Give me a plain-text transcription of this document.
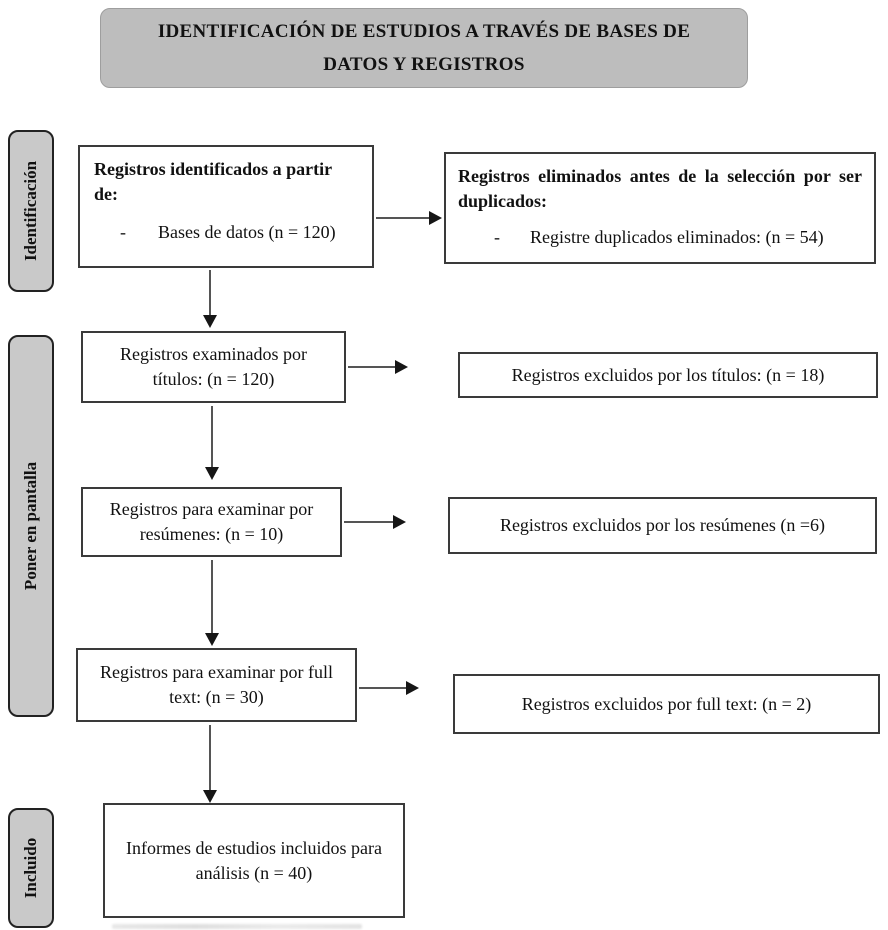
IDENTIFICACIÓN DE ESTUDIOS A TRAVÉS DE BASES DE
DATOS Y REGISTROS
Identificación
Poner en pantalla
Incluido
Registros identificados a partir de:
- Bases de datos (n = 120)
Registros eliminados antes de la selección por ser duplicados:
- Registre duplicados eliminados: (n = 54)
Registros examinados por títulos: (n = 120)	Registros excluidos por los títulos: (n = 18)
Registros para examinar por resúmenes: (n = 10)	Registros excluidos por los resúmenes (n =6)
Registros para examinar por full text: (n = 30)	Registros excluidos por full text: (n = 2)
Informes de estudios incluidos para análisis (n = 40)
